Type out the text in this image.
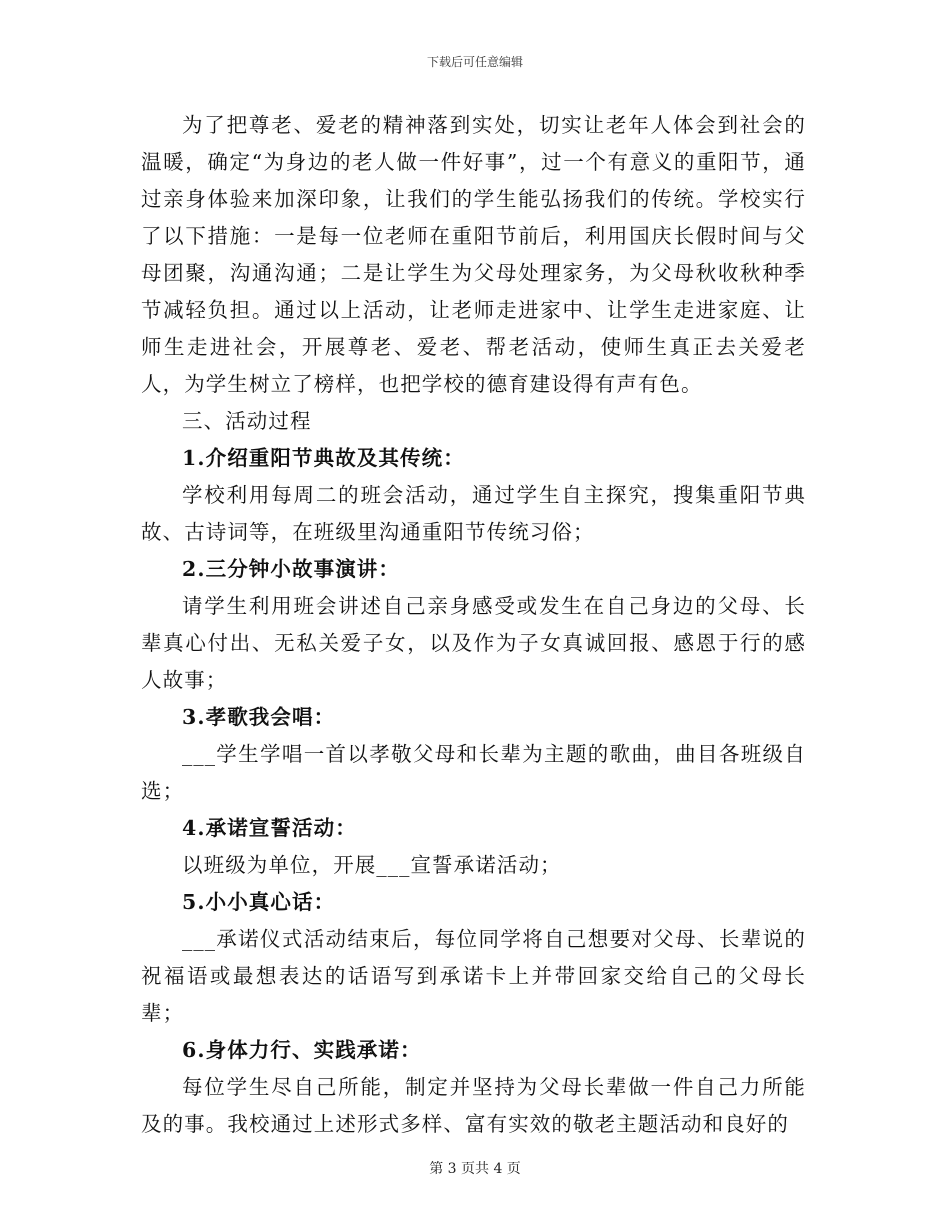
下载后可任意编辑

为了把尊老、爱老的精神落到实处，切实让老年人体会到社会的温暖，确定“为身边的老人做一件好事”，过一个有意义的重阳节，通过亲身体验来加深印象，让我们的学生能弘扬我们的传统。学校实行了以下措施：一是每一位老师在重阳节前后，利用国庆长假时间与父母团聚，沟通沟通；二是让学生为父母处理家务，为父母秋收秋种季节减轻负担。通过以上活动，让老师走进家中、让学生走进家庭、让师生走进社会，开展尊老、爱老、帮老活动，使师生真正去关爱老人，为学生树立了榜样，也把学校的德育建设得有声有色。

三、活动过程

1.介绍重阳节典故及其传统：

学校利用每周二的班会活动，通过学生自主探究，搜集重阳节典故、古诗词等，在班级里沟通重阳节传统习俗；

2.三分钟小故事演讲：

请学生利用班会讲述自己亲身感受或发生在自己身边的父母、长辈真心付出、无私关爱子女，以及作为子女真诚回报、感恩于行的感人故事；

3.孝歌我会唱：

___学生学唱一首以孝敬父母和长辈为主题的歌曲，曲目各班级自选；

4.承诺宣誓活动：

以班级为单位，开展___宣誓承诺活动；

5.小小真心话：

___承诺仪式活动结束后，每位同学将自己想要对父母、长辈说的祝福语或最想表达的话语写到承诺卡上并带回家交给自己的父母长辈；

6.身体力行、实践承诺：

每位学生尽自己所能，制定并坚持为父母长辈做一件自己力所能及的事。我校通过上述形式多样、富有实效的敬老主题活动和良好的

第 3 页共 4 页
